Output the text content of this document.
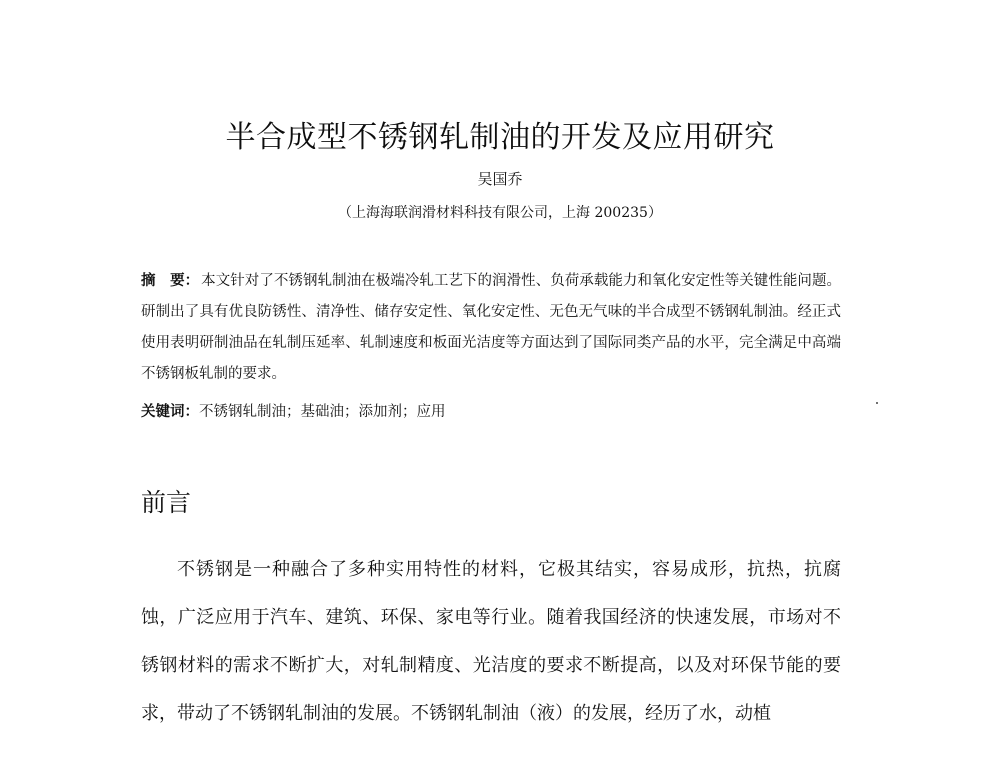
半合成型不锈钢轧制油的开发及应用研究
吴国乔
（上海海联润滑材料科技有限公司，上海 200235）
摘　要： 本文针对了不锈钢轧制油在极端冷轧工艺下的润滑性、负荷承载能力和氧化安定性等关键性能问题。研制出了具有优良防锈性、清净性、储存安定性、氧化安定性、无色无气味的半合成型不锈钢轧制油。经正式使用表明研制油品在轧制压延率、轧制速度和板面光洁度等方面达到了国际同类产品的水平，完全满足中高端不锈钢板轧制的要求。
关键词：不锈钢轧制油；基础油；添加剂；应用
前言
不锈钢是一种融合了多种实用特性的材料，它极其结实，容易成形，抗热，抗腐蚀，广泛应用于汽车、建筑、环保、家电等行业。随着我国经济的快速发展，市场对不锈钢材料的需求不断扩大，对轧制精度、光洁度的要求不断提高，以及对环保节能的要求，带动了不锈钢轧制油的发展。不锈钢轧制油（液）的发展，经历了水，动植
